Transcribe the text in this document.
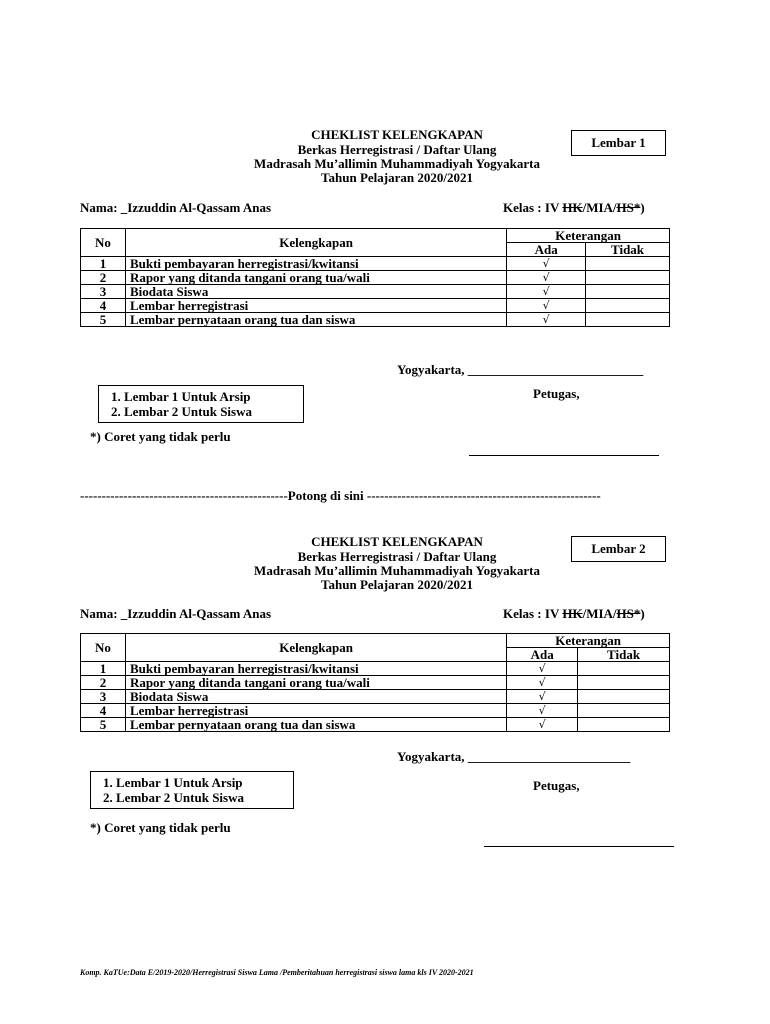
CHEKLIST KELENGKAPAN
Berkas Herregistrasi / Daftar Ulang
Madrasah Mu’allimin Muhammadiyah Yogyakarta
Tahun Pelajaran 2020/2021
Lembar 1
Nama: _Izzuddin Al-Qassam Anas	Kelas : IV HK/MIA/HS*)
No	Kelengkapan	Keterangan	
		Ada	Tidak
1	Bukti pembayaran herregistrasi/kwitansi	√	
2	Rapor yang ditanda tangani orang tua/wali	√	
3	Biodata Siswa	√	
4	Lembar herregistrasi	√	
5	Lembar pernyataan orang tua dan siswa	√	
Yogyakarta, ___________________________
1. Lembar 1 Untuk Arsip
2. Lembar 2 Untuk Siswa
Petugas,
*) Coret yang tidak perlu
------------------------------------------------Potong di sini ------------------------------------------------------
CHEKLIST KELENGKAPAN
Berkas Herregistrasi / Daftar Ulang
Madrasah Mu’allimin Muhammadiyah Yogyakarta
Tahun Pelajaran 2020/2021
Lembar 2
Nama: _Izzuddin Al-Qassam Anas	Kelas : IV HK/MIA/HS*)
No	Kelengkapan	Keterangan	
		Ada	Tidak
1	Bukti pembayaran herregistrasi/kwitansi	√	
2	Rapor yang ditanda tangani orang tua/wali	√	
3	Biodata Siswa	√	
4	Lembar herregistrasi	√	
5	Lembar pernyataan orang tua dan siswa	√	
Yogyakarta, _________________________
1. Lembar 1 Untuk Arsip
2. Lembar 2 Untuk Siswa
Petugas,
*) Coret yang tidak perlu
Komp. KaTUe:Data E/2019-2020/Herregistrasi Siswa Lama /Pemberitahuan herregistrasi siswa lama kls IV 2020-2021
